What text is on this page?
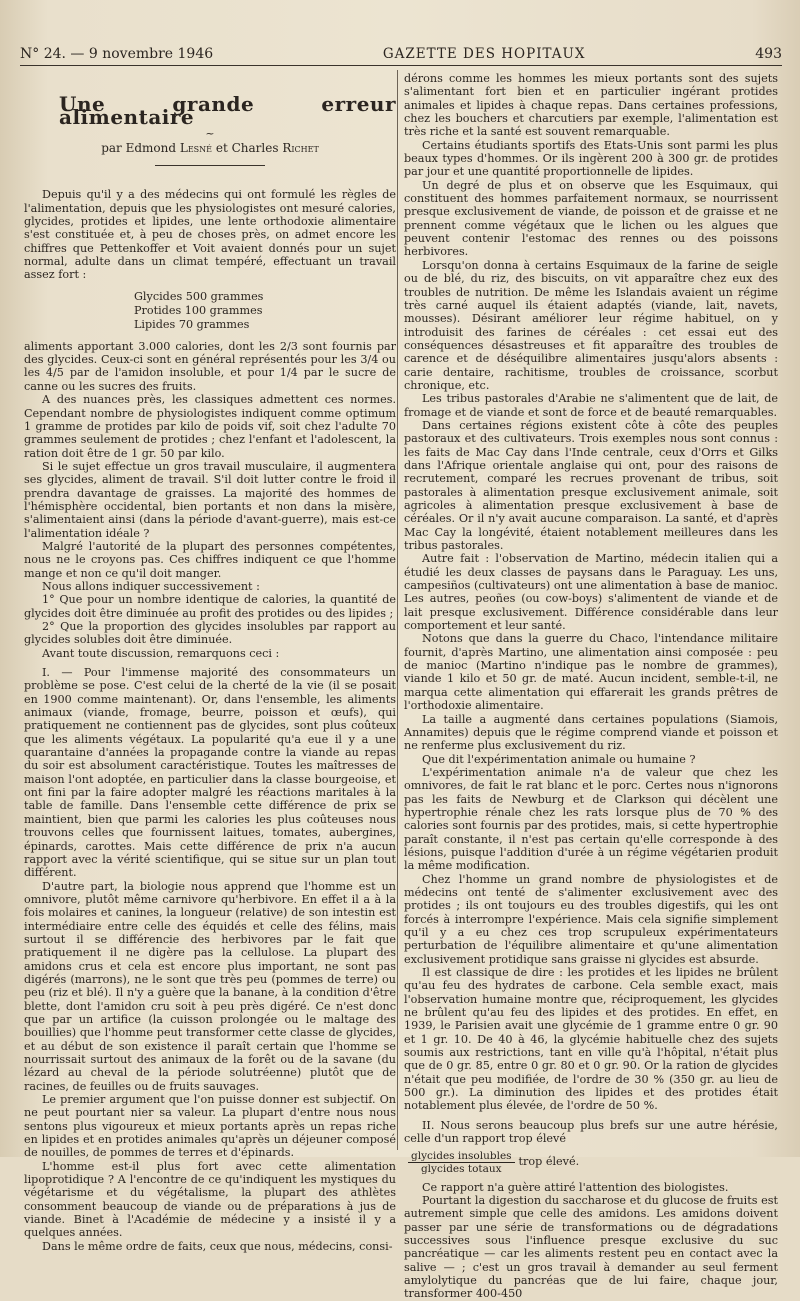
N° 24. — 9 novembre 1946	GAZETTE DES HOPITAUX	493
Une grande erreur alimentaire
~
par Edmond Lesné et Charles Richet

Depuis qu'il y a des médecins qui ont formulé les règles de l'alimentation, depuis que les physiologistes ont mesuré calories, glycides, protides et lipides, une lente orthodoxie alimentaire s'est constituée et, à peu de choses près, on admet encore les chiffres que Pettenkoffer et Voit avaient donnés pour un sujet normal, adulte dans un climat tempéré, effectuant un travail assez fort :

Glycides 500 grammes
Protides 100 grammes
Lipides 70 grammes

aliments apportant 3.000 calories, dont les 2/3 sont fournis par des glycides. Ceux-ci sont en général représentés pour les 3/4 ou les 4/5 par de l'amidon insoluble, et pour 1/4 par le sucre de canne ou les sucres des fruits.

A des nuances près, les classiques admettent ces normes. Cependant nombre de physiologistes indiquent comme optimum 1 gramme de protides par kilo de poids vif, soit chez l'adulte 70 grammes seulement de protides ; chez l'enfant et l'adolescent, la ration doit être de 1 gr. 50 par kilo.

Si le sujet effectue un gros travail musculaire, il augmentera ses glycides, aliment de travail. S'il doit lutter contre le froid il prendra davantage de graisses. La majorité des hommes de l'hémisphère occidental, bien portants et non dans la misère, s'alimentaient ainsi (dans la période d'avant-guerre), mais est-ce l'alimentation idéale ?

Malgré l'autorité de la plupart des personnes compétentes, nous ne le croyons pas. Ces chiffres indiquent ce que l'homme mange et non ce qu'il doit manger.

Nous allons indiquer successivement :

1° Que pour un nombre identique de calories, la quantité de glycides doit être diminuée au profit des protides ou des lipides ;

2° Que la proportion des glycides insolubles par rapport au glycides solubles doit être diminuée.

Avant toute discussion, remarquons ceci :

I. — Pour l'immense majorité des consommateurs un problème se pose. C'est celui de la cherté de la vie (il se posait en 1900 comme maintenant). Or, dans l'ensemble, les aliments animaux (viande, fromage, beurre, poisson et œufs), qui pratiquement ne contiennent pas de glycides, sont plus coûteux que les aliments végétaux. La popularité qu'a eue il y a une quarantaine d'années la propagande contre la viande au repas du soir est absolument caractéristique. Toutes les maîtresses de maison l'ont adoptée, en particulier dans la classe bourgeoise, et ont fini par la faire adopter malgré les réactions maritales à la table de famille. Dans l'ensemble cette différence de prix se maintient, bien que parmi les calories les plus coûteuses nous trouvons celles que fournissent laitues, tomates, aubergines, épinards, carottes. Mais cette différence de prix n'a aucun rapport avec la vérité scientifique, qui se situe sur un plan tout différent.

D'autre part, la biologie nous apprend que l'homme est un omnivore, plutôt même carnivore qu'herbivore. En effet il a à la fois molaires et canines, la longueur (relative) de son intestin est intermédiaire entre celle des équidés et celle des félins, mais surtout il se différencie des herbivores par le fait que pratiquement il ne digère pas la cellulose. La plupart des amidons crus et cela est encore plus important, ne sont pas digérés (marrons), ne le sont que très peu (pommes de terre) ou peu (riz et blé). Il n'y a guère que la banane, à la condition d'être blette, dont l'amidon cru soit à peu près digéré. Ce n'est donc que par un artifice (la cuisson prolongée ou le maltage des bouillies) que l'homme peut transformer cette classe de glycides, et au début de son existence il paraît certain que l'homme se nourrissait surtout des animaux de la forêt ou de la savane (du lézard au cheval de la période solutréenne) plutôt que de racines, de feuilles ou de fruits sauvages.

Le premier argument que l'on puisse donner est subjectif. On ne peut pourtant nier sa valeur. La plupart d'entre nous nous sentons plus vigoureux et mieux portants après un repas riche en lipides et en protides animales qu'après un déjeuner composé de nouilles, de pommes de terres et d'épinards.

L'homme est-il plus fort avec cette alimentation lipoprotidique ? A l'encontre de ce qu'indiquent les mystiques du végétarisme et du végétalisme, la plupart des athlètes consomment beaucoup de viande ou de préparations à jus de viande. Binet à l'Académie de médecine y a insisté il y a quelques années.

Dans le même ordre de faits, ceux que nous, médecins, consi-

dérons comme les hommes les mieux portants sont des sujets s'alimentant fort bien et en particulier ingérant protides animales et lipides à chaque repas. Dans certaines professions, chez les bouchers et charcutiers par exemple, l'alimentation est très riche et la santé est souvent remarquable.

Certains étudiants sportifs des Etats-Unis sont parmi les plus beaux types d'hommes. Or ils ingèrent 200 à 300 gr. de protides par jour et une quantité proportionnelle de lipides.

Un degré de plus et on observe que les Esquimaux, qui constituent des hommes parfaitement normaux, se nourrissent presque exclusivement de viande, de poisson et de graisse et ne prennent comme végétaux que le lichen ou les algues que peuvent contenir l'estomac des rennes ou des poissons herbivores.

Lorsqu'on donna à certains Esquimaux de la farine de seigle ou de blé, du riz, des biscuits, on vit apparaître chez eux des troubles de nutrition. De même les Islandais avaient un régime très carné auquel ils étaient adaptés (viande, lait, navets, mousses). Désirant améliorer leur régime habituel, on y introduisit des farines de céréales : cet essai eut des conséquences désastreuses et fit apparaître des troubles de carence et de déséquilibre alimentaires jusqu'alors absents : carie dentaire, rachitisme, troubles de croissance, scorbut chronique, etc.

Les tribus pastorales d'Arabie ne s'alimentent que de lait, de fromage et de viande et sont de force et de beauté remarquables.

Dans certaines régions existent côte à côte des peuples pastoraux et des cultivateurs. Trois exemples nous sont connus : les faits de Mac Cay dans l'Inde centrale, ceux d'Orrs et Gilks dans l'Afrique orientale anglaise qui ont, pour des raisons de recrutement, comparé les recrues provenant de tribus, soit pastorales à alimentation presque exclusivement animale, soit agricoles à alimentation presque exclusivement à base de céréales. Or il n'y avait aucune comparaison. La santé, et d'après Mac Cay la longévité, étaient notablement meilleures dans les tribus pastorales.

Autre fait : l'observation de Martino, médecin italien qui a étudié les deux classes de paysans dans le Paraguay. Les uns, campesiños (cultivateurs) ont une alimentation à base de manioc. Les autres, peoñes (ou cow-boys) s'alimentent de viande et de lait presque exclusivement. Différence considérable dans leur comportement et leur santé.

Notons que dans la guerre du Chaco, l'intendance militaire fournit, d'après Martino, une alimentation ainsi composée : peu de manioc (Martino n'indique pas le nombre de grammes), viande 1 kilo et 50 gr. de maté. Aucun incident, semble-t-il, ne marqua cette alimentation qui effarerait les grands prêtres de l'orthodoxie alimentaire.

La taille a augmenté dans certaines populations (Siamois, Annamites) depuis que le régime comprend viande et poisson et ne renferme plus exclusivement du riz.

Que dit l'expérimentation animale ou humaine ?

L'expérimentation animale n'a de valeur que chez les omnivores, de fait le rat blanc et le porc. Certes nous n'ignorons pas les faits de Newburg et de Clarkson qui décèlent une hypertrophie rénale chez les rats lorsque plus de 70 % des calories sont fournis par des protides, mais, si cette hypertrophie paraît constante, il n'est pas certain qu'elle corresponde à des lésions, puisque l'addition d'urée à un régime végétarien produit la même modification.

Chez l'homme un grand nombre de physiologistes et de médecins ont tenté de s'alimenter exclusivement avec des protides ; ils ont toujours eu des troubles digestifs, qui les ont forcés à interrompre l'expérience. Mais cela signifie simplement qu'il y a eu chez ces trop scrupuleux expérimentateurs perturbation de l'équilibre alimentaire et qu'une alimentation exclusivement protidique sans graisse ni glycides est absurde.

Il est classique de dire : les protides et les lipides ne brûlent qu'au feu des hydrates de carbone. Cela semble exact, mais l'observation humaine montre que, réciproquement, les glycides ne brûlent qu'au feu des lipides et des protides. En effet, en 1939, le Parisien avait une glycémie de 1 gramme entre 0 gr. 90 et 1 gr. 10. De 40 à 46, la glycémie habituelle chez des sujets soumis aux restrictions, tant en ville qu'à l'hôpital, n'était plus que de 0 gr. 85, entre 0 gr. 80 et 0 gr. 90. Or la ration de glycides n'était que peu modifiée, de l'ordre de 30 % (350 gr. au lieu de 500 gr.). La diminution des lipides et des protides était notablement plus élevée, de l'ordre de 50 %.

II. Nous serons beaucoup plus brefs sur une autre hérésie, celle d'un rapport trop élevé

$\frac{\text{glycides insolubles}}{\text{glycides totaux}}$ trop élevé.

Ce rapport n'a guère attiré l'attention des biologistes.

Pourtant la digestion du saccharose et du glucose de fruits est autrement simple que celle des amidons. Les amidons doivent passer par une série de transformations ou de dégradations successives sous l'influence presque exclusive du suc pancréatique — car les aliments restent peu en contact avec la salive — ; c'est un gros travail à demander au seul ferment amylolytique du pancréas que de lui faire, chaque jour, transformer 400-450
